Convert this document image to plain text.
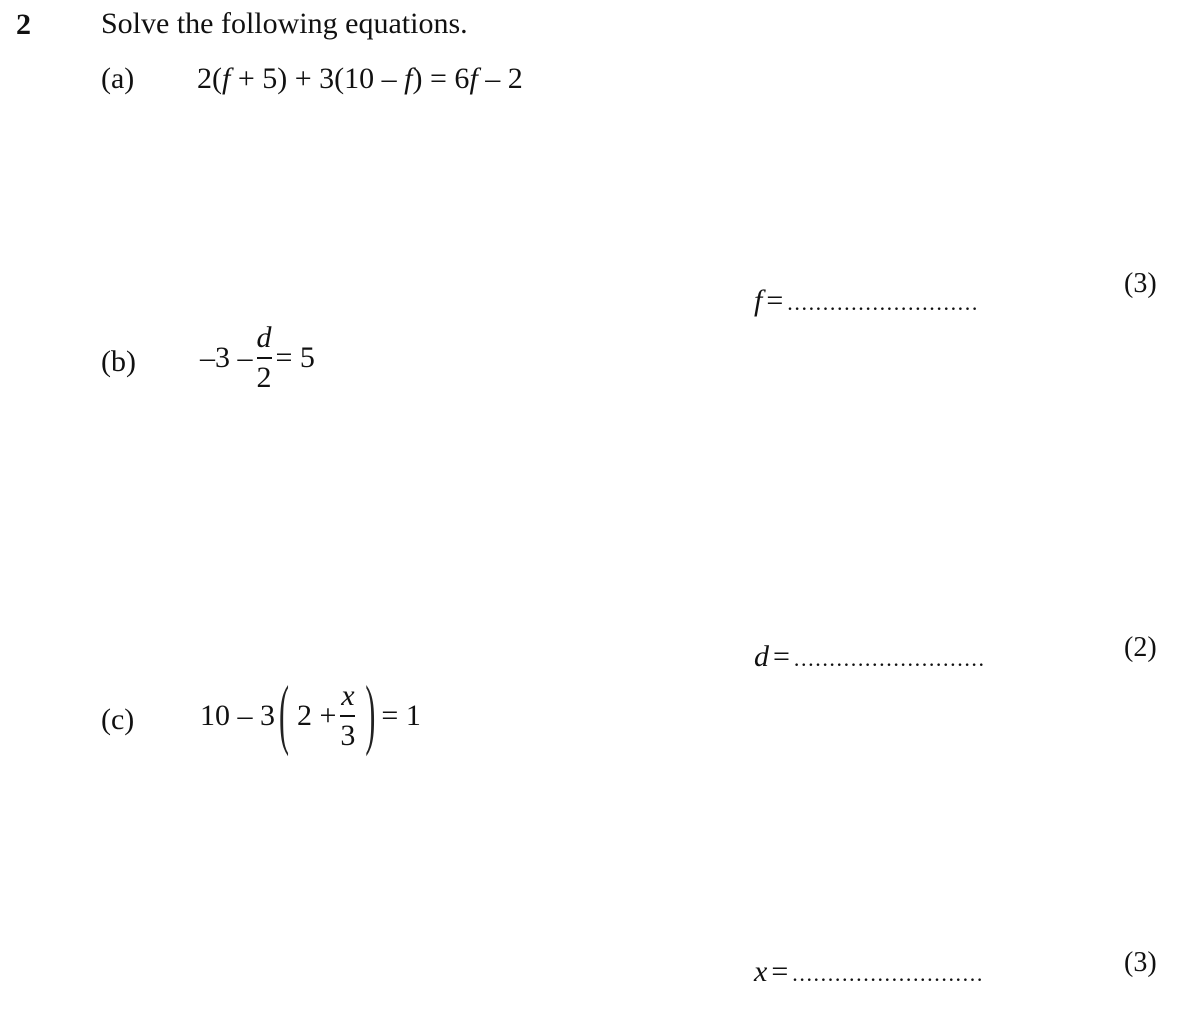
2 Solve the following equations.
(a) 2(f + 5) + 3(10 – f) = 6f – 2
f = ...........................
(3)
(b) $-3 - \frac{d}{2} = 5$
d = ...........................	(2)
(c) 10 – 3 ( $2 + \frac{x}{3}$ ) = 1
x = ...........................	(3)
